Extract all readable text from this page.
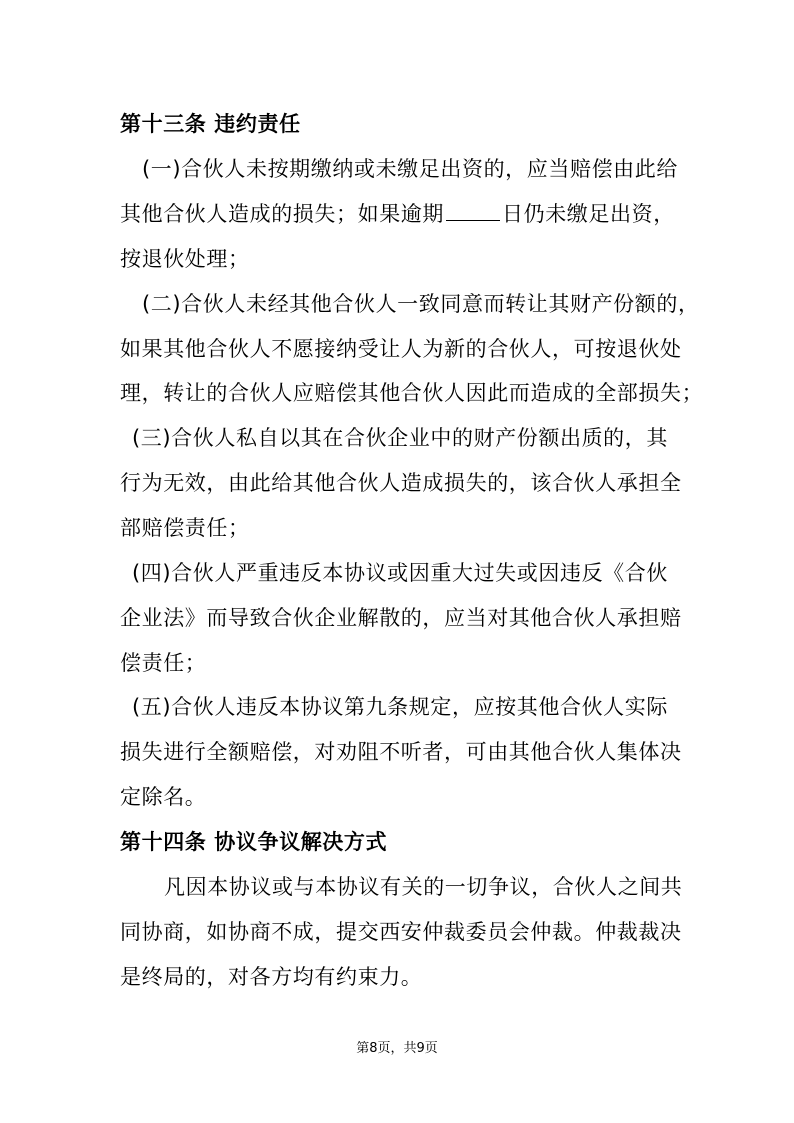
第十三条 违约责任
(一)合伙人未按期缴纳或未缴足出资的，应当赔偿由此给
其他合伙人造成的损失；如果逾期	日仍未缴足出资，
按退伙处理；
(二)合伙人未经其他合伙人一致同意而转让其财产份额的，
如果其他合伙人不愿接纳受让人为新的合伙人，可按退伙处
理，转让的合伙人应赔偿其他合伙人因此而造成的全部损失；
(三)合伙人私自以其在合伙企业中的财产份额出质的，其
行为无效，由此给其他合伙人造成损失的，该合伙人承担全
部赔偿责任；
(四)合伙人严重违反本协议或因重大过失或因违反《合伙
企业法》而导致合伙企业解散的，应当对其他合伙人承担赔
偿责任；
(五)合伙人违反本协议第九条规定，应按其他合伙人实际
损失进行全额赔偿，对劝阻不听者，可由其他合伙人集体决
定除名。
第十四条 协议争议解决方式
凡因本协议或与本协议有关的一切争议，合伙人之间共
同协商，如协商不成，提交西安仲裁委员会仲裁。仲裁裁决
是终局的，对各方均有约束力。
第8页，共9页
